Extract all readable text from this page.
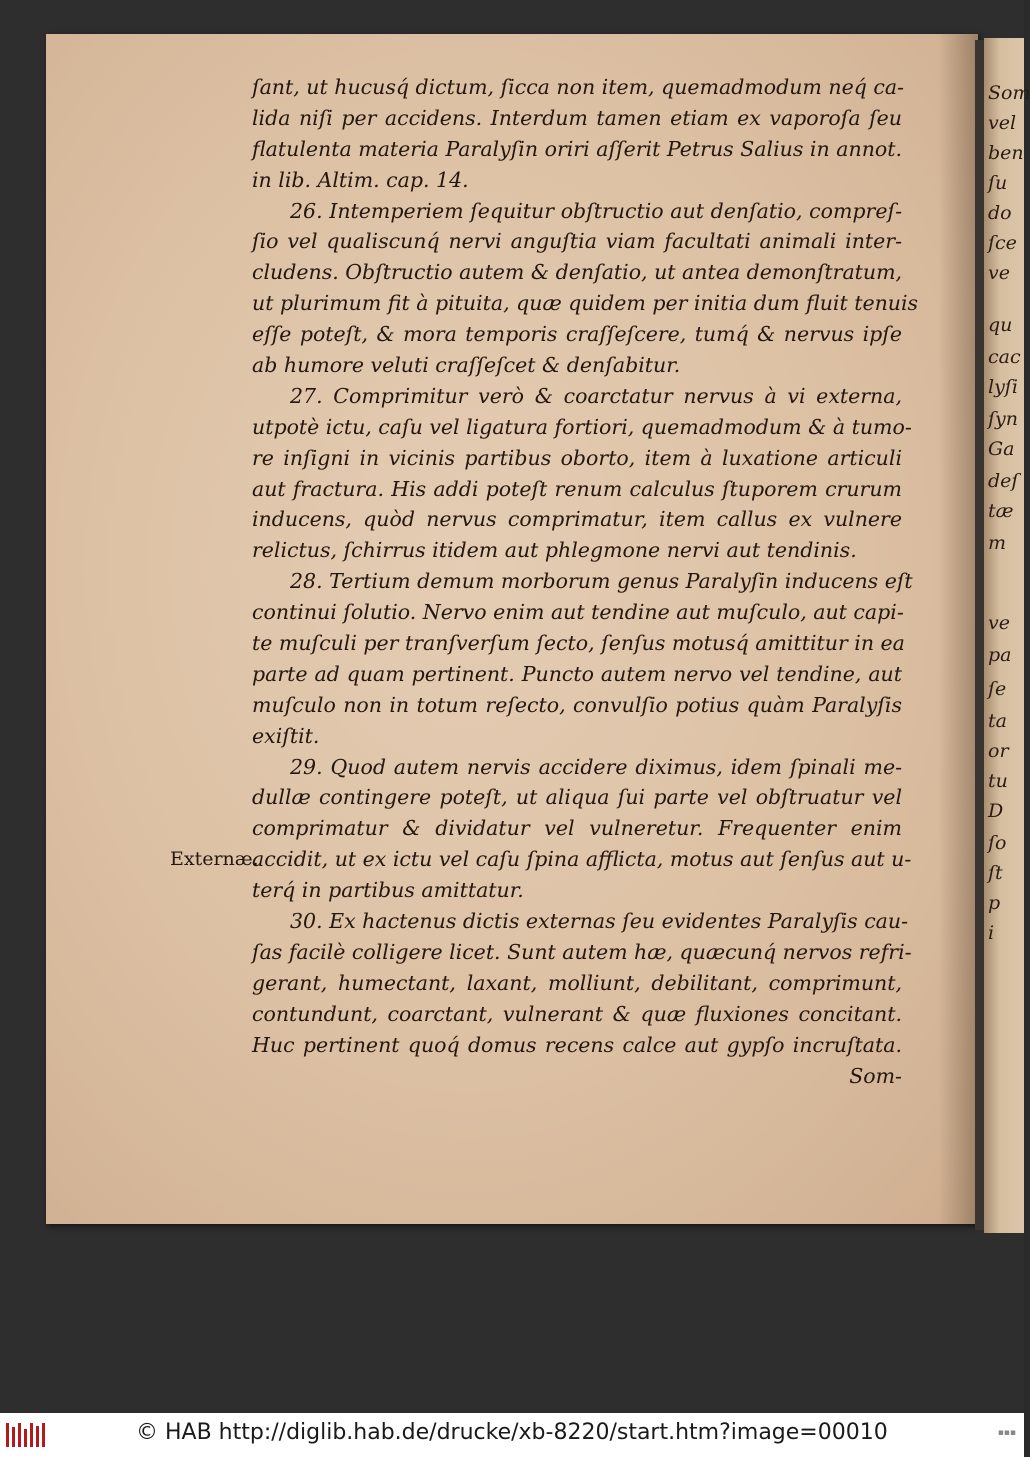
ſant, ut hucusq́ dictum, ſicca non item, quemadmodum neq́ ca-
lida niſi per accidens. Interdum tamen etiam ex vaporoſa ſeu
flatulenta materia Paralyſin oriri aſſerit Petrus Salius in annot.
in lib. Altim. cap. 14.
26. Intemperiem ſequitur obſtructio aut denſatio, compreſ-
ſio vel qualiscunq́ nervi anguſtia viam facultati animali inter-
cludens. Obſtructio autem & denſatio, ut antea demonſtratum,
ut plurimum fit à pituita, quæ quidem per initia dum fluit tenuis
eſſe poteſt, & mora temporis craſſeſcere, tumq́ & nervus ipſe
ab humore veluti craſſeſcet & denſabitur.
27. Comprimitur verò & coarctatur nervus à vi externa,
utpotè ictu, caſu vel ligatura fortiori, quemadmodum & à tumo-
re inſigni in vicinis partibus oborto, item à luxatione articuli
aut fractura. His addi poteſt renum calculus ſtuporem crurum
inducens, quòd nervus comprimatur, item callus ex vulnere
relictus, ſchirrus itidem aut phlegmone nervi aut tendinis.
28. Tertium demum morborum genus Paralyſin inducens eſt
continui ſolutio. Nervo enim aut tendine aut muſculo, aut capi-
te muſculi per tranſverſum ſecto, ſenſus motusq́ amittitur in ea
parte ad quam pertinent. Puncto autem nervo vel tendine, aut
muſculo non in totum reſecto, convulſio potius quàm Paralyſis
exiſtit.
29. Quod autem nervis accidere diximus, idem ſpinali me-
dullæ contingere poteſt, ut aliqua ſui parte vel obſtruatur vel
comprimatur & dividatur vel vulneretur. Frequenter enim
accidit, ut ex ictu vel caſu ſpina afflicta, motus aut ſenſus aut u-
terq́ in partibus amittatur.
30. Ex hactenus dictis externas ſeu evidentes Paralyſis cau-
ſas facilè colligere licet. Sunt autem hæ, quæcunq́ nervos refri-
gerant, humectant, laxant, molliunt, debilitant, comprimunt,
contundunt, coarctant, vulnerant & quæ fluxiones concitant.
Huc pertinent quoq́ domus recens calce aut gypſo incruſtata.
Som-
Externæ.
Som
vel
ben
ſu
do
ſce
ve
qu
cac
lyſi
ſyn
Ga
deſ
tæ
m
ve
pa
ſe
ta
or
tu
D
ſo
ſt
p
i
© HAB http://diglib.hab.de/drucke/xb-8220/start.htm?image=00010	▪▪▪
